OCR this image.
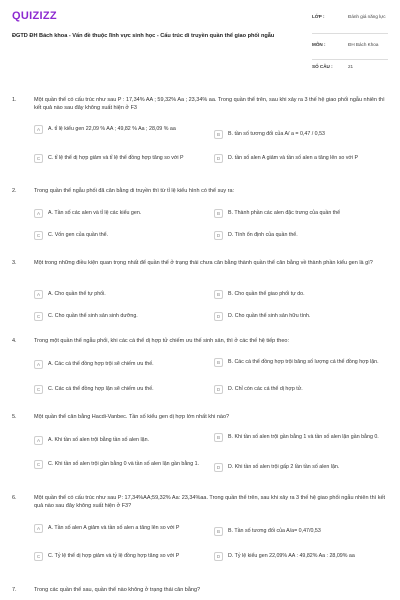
QUIZIZZ
ĐGTD ĐH Bách khoa - Vấn đề thuộc lĩnh vực sinh học - Cấu trúc di truyền quần thể giao phối ngẫu
LỚP :	Đánh giá năng lực
MÔN :	ĐH Bách Khoa
SỐ CÂU :	21
1.	Một quần thể có cấu trúc như sau P : 17,34% AA ; 59,32% Aa ; 23,34% aa. Trong quần thể trên, sau khi xảy ra 3 thế hệ giao phối ngẫu nhiên thì kết quả nào sau đây không xuất hiện ở F3
A	A. tỉ lệ kiểu gen 22,09 % AA ; 49,82 % Aa ; 28,09 % aa
B	B. tần số tương đối của A/ a = 0,47 / 0,53
C	C. tỉ lệ thể dị hợp giảm và tỉ lệ thể đồng hợp tăng so với P	D	D. tần số alen A giảm và tần số alen a tăng lên so với P
2.	Trong quần thể ngẫu phối đã cân bằng di truyền thì từ tỉ lệ kiểu hình có thể suy ra:
A	A. Tần số các alen và tỉ lệ các kiểu gen.	B	B. Thành phần các alen đặc trưng của quần thể
C	C. Vốn gen của quần thể.	D	D. Tính ổn định của quần thể.
3.	Một trong những điều kiện quan trọng nhất để quần thể ở trạng thái chưa cân bằng thành quần thể cân bằng về thành phần kiểu gen là gì?
A	A. Cho quần thể tự phối.	B	B. Cho quần thể giao phối tự do.
C	C. Cho quần thể sinh sản sinh dưỡng.	D	D. Cho quần thể sinh sản hữu tính.
4.	Trong một quần thể ngẫu phối, khi các cá thể dị hợp tử chiếm ưu thế sinh sản, thì ở các thế hệ tiếp theo:
A	A. Các cá thể đồng hợp trội sẽ chiếm ưu thế.	B	B. Các cá thể đồng hợp trội băng số lượng cá thể đồng hợp lặn.
C	C. Các cá thể đồng hợp lặn sẽ chiếm ưu thế.	D	D. Chỉ còn các cá thể dị hợp tử.
5.	Một quần thể cân bằng Hacdi-Vanbec. Tần số kiểu gen dị hợp lớn nhất khi nào?
A	A. Khi tần số alen trội bằng tần số alen lặn.	B	B. Khi tần số alen trội gần bằng 1 và tần số alen lặn gần bằng 0.
C	C. Khi tần số alen trội gần bằng 0 và tần số alen lặn gần bằng 1.
D	D. Khi tần số alen trội gấp 2 lần tần số alen lặn.
6.	Một quần thể có cấu trúc như sau P: 17,34%AA;59,32% Aa: 23,34%aa. Trong quần thể trên, sau khi xảy ra 3 thế hệ giao phối ngẫu nhiên thì kết quả nào sau đây không xuất hiện ở F3?
A	A. Tần số alen A giảm và tần số alen a tăng lên so với P
B	B. Tần số tương đối của A/a= 0,47/0,53
C	C. Tỷ lệ thể dị hợp giảm và tỷ lệ đồng hợp tăng so với P	D	D. Tỷ lệ kiểu gen 22,09% AA : 49,82% Aa : 28,09% aa
7.	Trong các quần thể sau, quần thể nào không ở trạng thái cân bằng?
